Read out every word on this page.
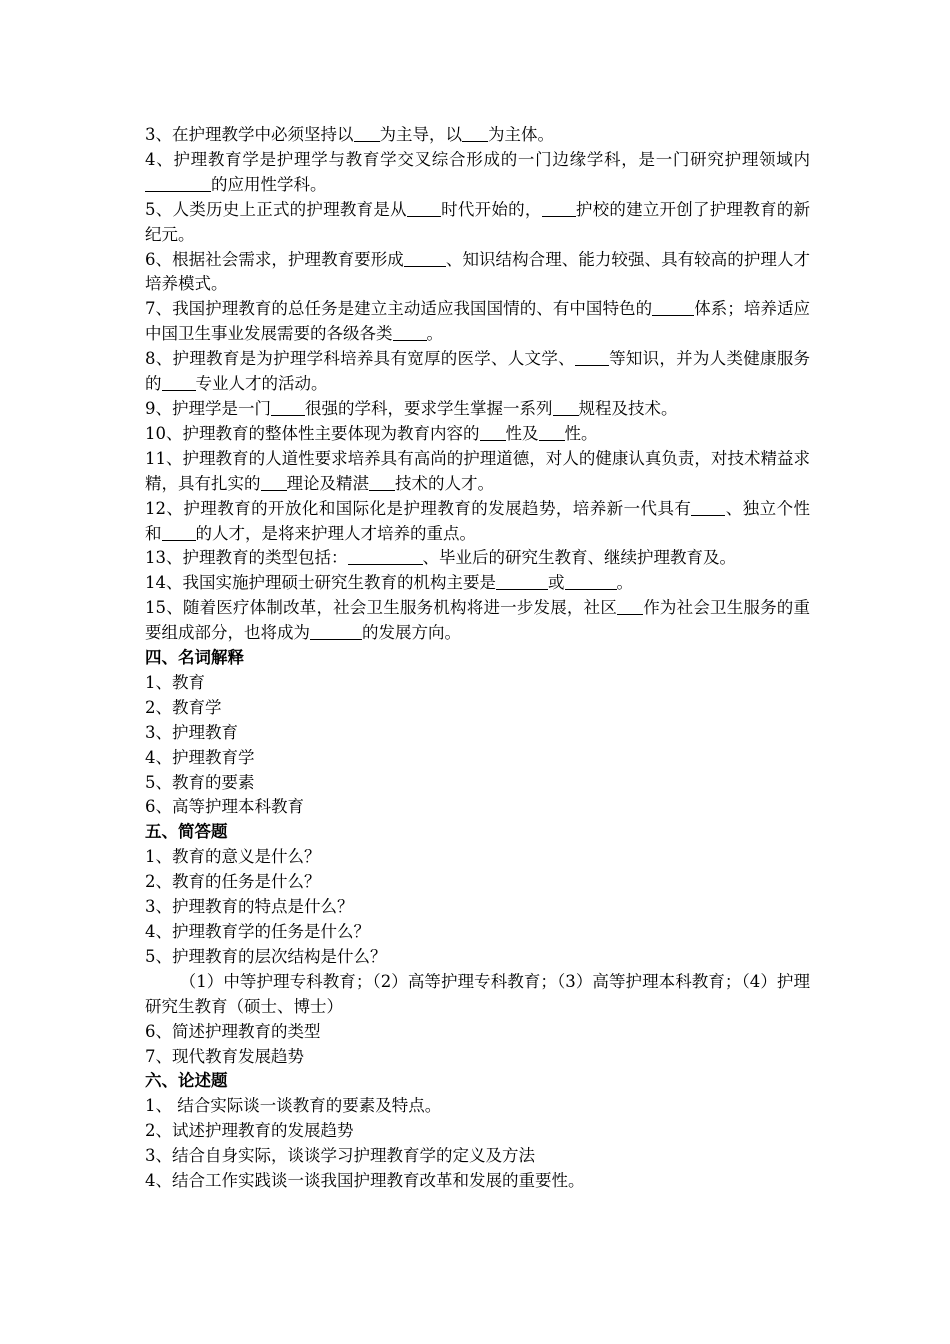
3、在护理教学中必须坚持以 为主导，以 为主体。

4、护理教育学是护理学与教育学交叉综合形成的一门边缘学科，是一门研究护理领域内的应用性学科。

5、人类历史上正式的护理教育是从 时代开始的， 护校的建立开创了护理教育的新纪元。

6、根据社会需求，护理教育要形成	、知识结构合理、能力较强、具有较高的护理人才培养模式。

7、我国护理教育的总任务是建立主动适应我国国情的、有中国特色的	体系；培养适应中国卫生事业发展需要的各级各类 。

8、护理教育是为护理学科培养具有宽厚的医学、人文学、 等知识，并为人类健康服务的 专业人才的活动。

9、护理学是一门 很强的学科，要求学生掌握一系列 规程及技术。

10、护理教育的整体性主要体现为教育内容的 性及 性。

11、护理教育的人道性要求培养具有高尚的护理道德，对人的健康认真负责，对技术精益求精，具有扎实的 理论及精湛 技术的人才。

12、护理教育的开放化和国际化是护理教育的发展趋势，培养新一代具有 、独立个性和 的人才，是将来护理人才培养的重点。

13、护理教育的类型包括：	、毕业后的研究生教育、继续护理教育及。

14、我国实施护理硕士研究生教育的机构主要是	或	。

15、随着医疗体制改革，社会卫生服务机构将进一步发展，社区 作为社会卫生服务的重要组成部分，也将成为	的发展方向。

四、名词解释

1、教育

2、教育学

3、护理教育

4、护理教育学

5、教育的要素

6、高等护理本科教育

五、简答题

1、教育的意义是什么？

2、教育的任务是什么？

3、护理教育的特点是什么？

4、护理教育学的任务是什么？

5、护理教育的层次结构是什么？

（1）中等护理专科教育；（2）高等护理专科教育；（3）高等护理本科教育；（4）护理研究生教育（硕士、博士）

6、简述护理教育的类型

7、现代教育发展趋势

六、论述题

1、 结合实际谈一谈教育的要素及特点。

2、试述护理教育的发展趋势

3、结合自身实际，谈谈学习护理教育学的定义及方法

4、结合工作实践谈一谈我国护理教育改革和发展的重要性。
